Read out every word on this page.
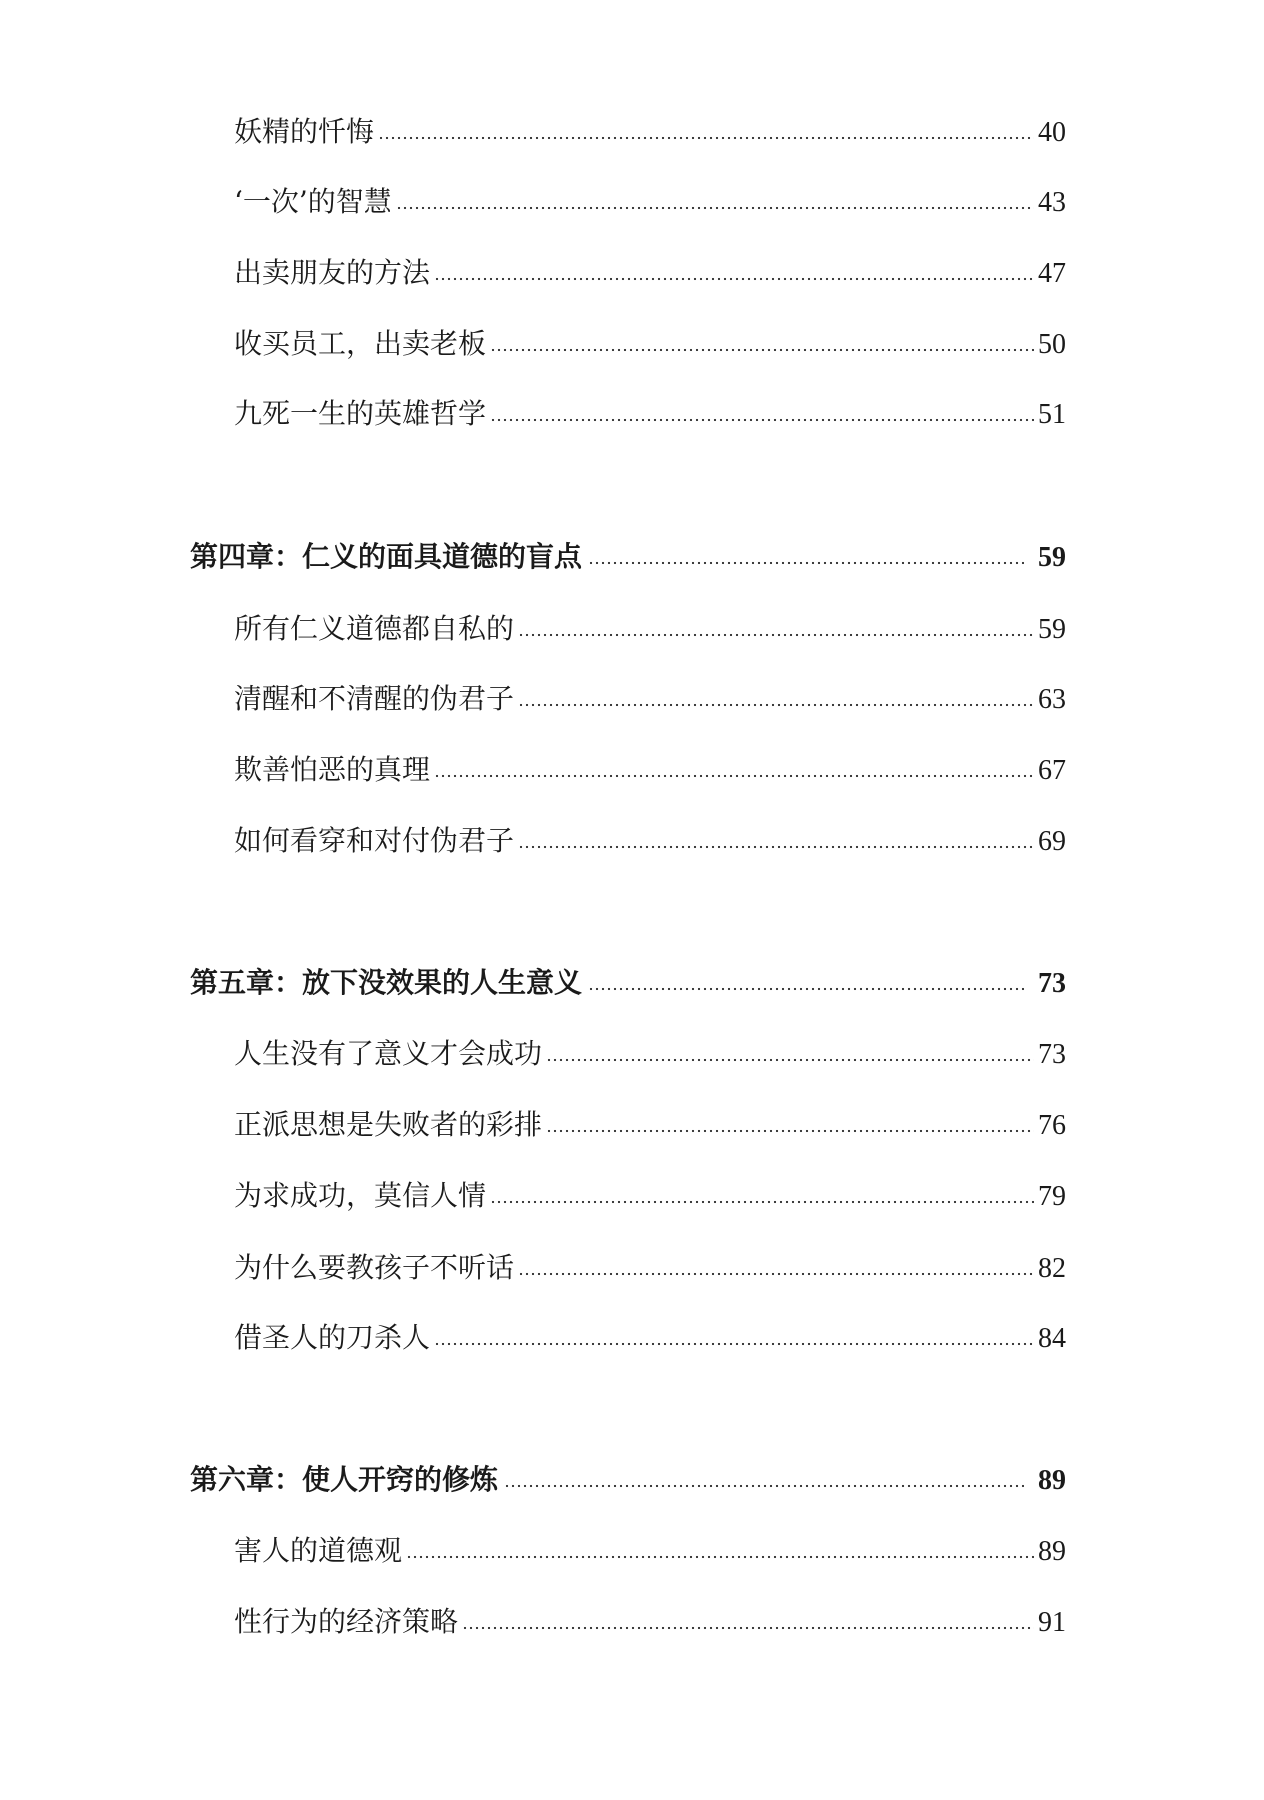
妖精的忏悔	40
‘一次’的智慧	43
出卖朋友的方法	47
收买员工，出卖老板	50
九死一生的英雄哲学	51
第四章：仁义的面具道德的盲点	59
所有仁义道德都自私的	59
清醒和不清醒的伪君子	63
欺善怕恶的真理	67
如何看穿和对付伪君子	69
第五章：放下没效果的人生意义	73
人生没有了意义才会成功	73
正派思想是失败者的彩排	76
为求成功，莫信人情	79
为什么要教孩子不听话	82
借圣人的刀杀人	84
第六章：使人开窍的修炼	89
害人的道德观	89
性行为的经济策略	91
